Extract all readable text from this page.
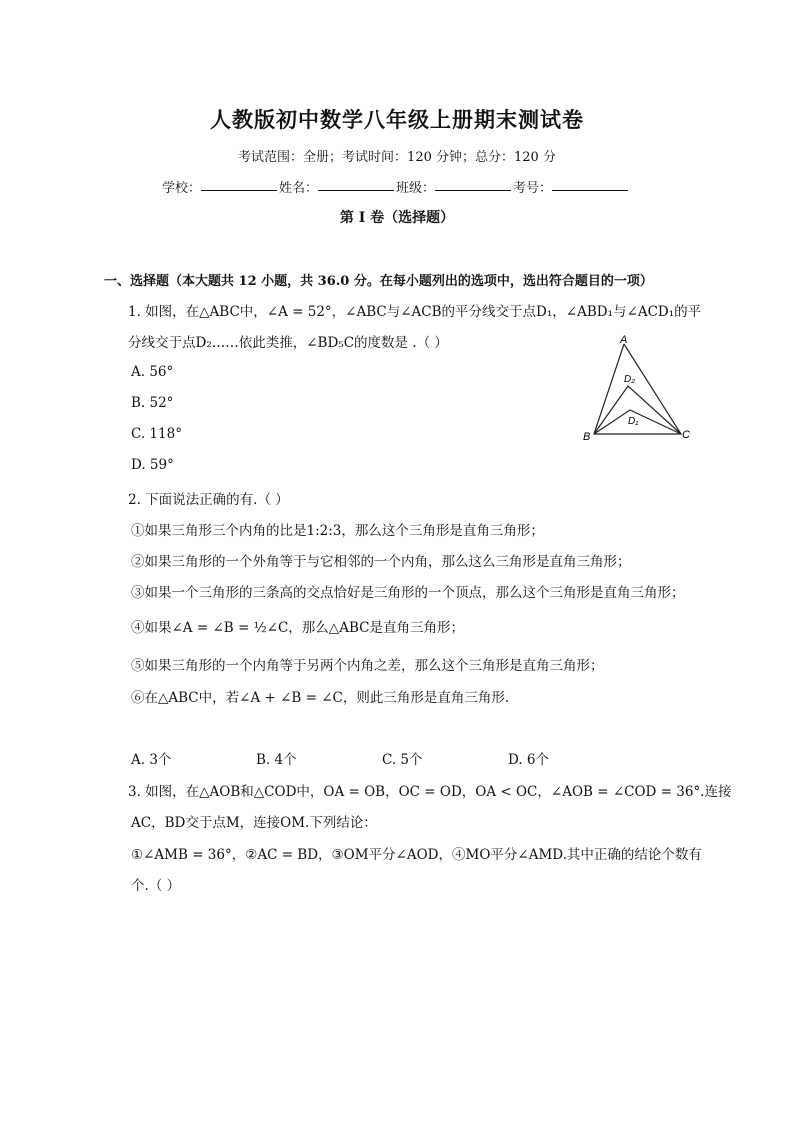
人教版初中数学八年级上册期末测试卷
考试范围：全册；考试时间：120 分钟；总分：120 分
学校：	姓名：	班级：	考号：
第 I 卷（选择题）
一、选择题（本大题共 12 小题，共 36.0 分。在每小题列出的选项中，选出符合题目的一项）
1. 如图，在△ABC中，∠A = 52°，∠ABC与∠ACB的平分线交于点D₁，∠ABD₁与∠ACD₁的平
分线交于点D₂……依此类推，∠BD₅C的度数是 .（ ）
A. 56°
B. 52°
C. 118°
D. 59°
A
B	C
D₂
D₁
2. 下面说法正确的有.（ ）
①如果三角形三个内角的比是1:2:3，那么这个三角形是直角三角形；
②如果三角形的一个外角等于与它相邻的一个内角，那么这么三角形是直角三角形；
③如果一个三角形的三条高的交点恰好是三角形的一个顶点，那么这个三角形是直角三角形；
④如果∠A = ∠B = ½∠C，那么△ABC是直角三角形；
⑤如果三角形的一个内角等于另两个内角之差，那么这个三角形是直角三角形；
⑥在△ABC中，若∠A + ∠B = ∠C，则此三角形是直角三角形.
A. 3个	B. 4个	C. 5个	D. 6个
3. 如图，在△AOB和△COD中，OA = OB，OC = OD，OA < OC，∠AOB = ∠COD = 36°.连接
AC，BD交于点M，连接OM.下列结论：
①∠AMB = 36°，②AC = BD，③OM平分∠AOD，④MO平分∠AMD.其中正确的结论个数有
个.（ ）
